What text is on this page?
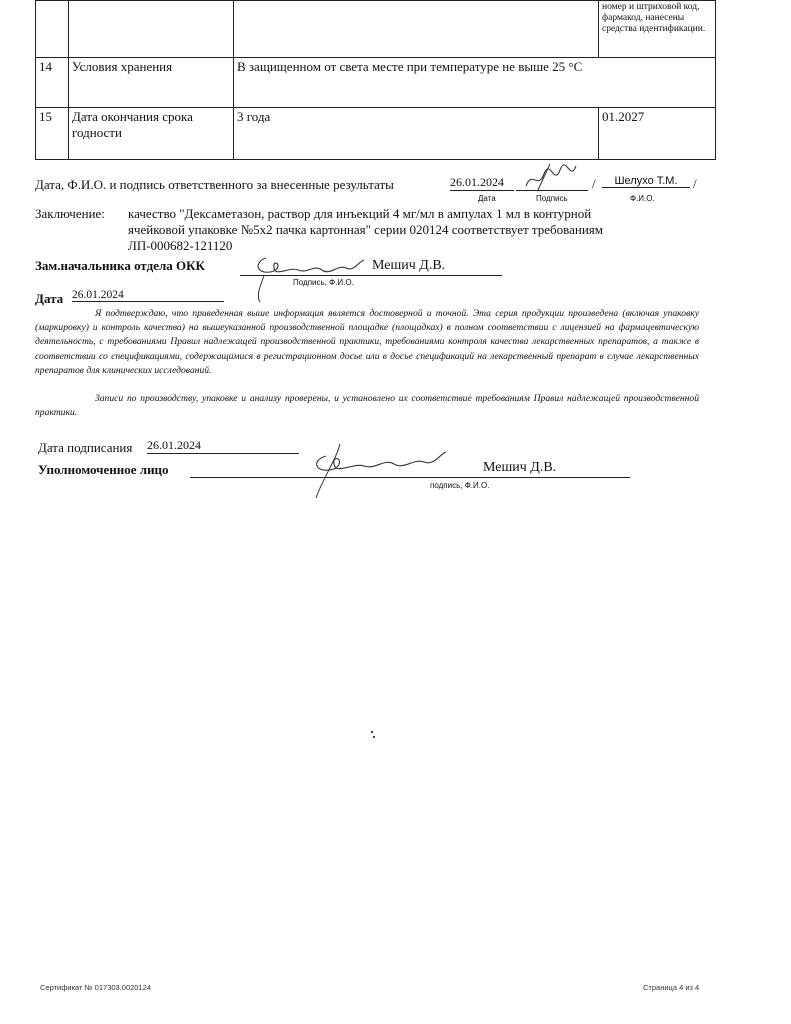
			номер и штриховой код, фармакод, нанесены средства идентификации.
14	Условия хранения	В защищенном от света месте при температуре не выше 25 °С	
15	Дата окончания срока годности	3 года	01.2027
Дата, Ф.И.О. и подпись ответственного за внесенные результаты	26.01.2024	/	Шелухо Т.М.	/
Дата	Подпись	Ф.И.О.
Заключение: качество "Дексаметазон, раствор для инъекций 4 мг/мл в ампулах 1 мл в контурной
ячейковой упаковке №5х2 пачка картонная" серии 020124 соответствует требованиям
ЛП-000682-121120
Зам.начальника отдела ОКК	Мешич Д.В.
Подпись, Ф.И.О.
Дата 26.01.2024
Я подтверждаю, что приведенная выше информация является достоверной и точной. Эта серия продукции произведена (включая упаковку (маркировку) и контроль качества) на вышеуказанной производственной площадке (площадках) в полном соответствии с лицензией на фармацевтическую деятельность, с требованиями Правил надлежащей производственной практики, требованиями контроля качества лекарственных препаратов, а также в соответствии со спецификациями, содержащимися в регистрационном досье или в досье спецификаций на лекарственный препарат в случае лекарственных препаратов для клинических исследований.
Записи по производству, упаковке и анализу проверены, и установлено их соответствие требованиям Правил надлежащей производственной практики.
Дата подписания 26.01.2024
Уполномоченное лицо	Мешич Д.В.
подпись, Ф.И.О.
Сертификат № 017303.0020124	Страница 4 из 4
